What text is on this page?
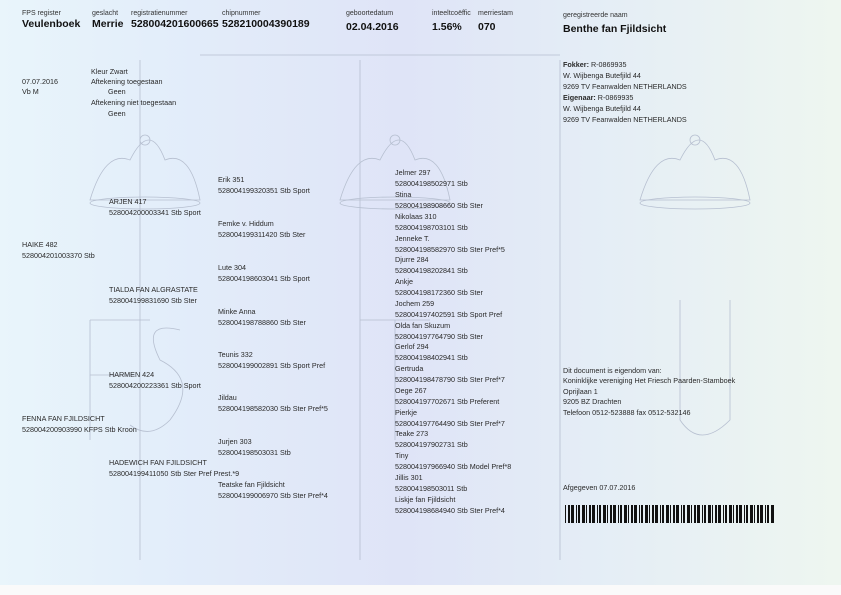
FPS register
Veulenboek
geslacht
Merrie
registratienummer
528004201600665
chipnummer
528210004390189
geboortedatum
02.04.2016
inteeltcoëffic
1.56%
merriestam
070
geregistreerde naam
Benthe fan Fjildsicht
07.07.2016
Vb M
Kleur Zwart
Aftekening toegestaan
Geen
Aftekening niet toegestaan
Geen
Fokker: R-0869935
W. Wijbenga Butefjild 44
9269 TV Feanwalden NETHERLANDS
Eigenaar: R-0869935
W. Wijbenga Butefjild 44
9269 TV Feanwalden NETHERLANDS
HAIKE 482
528004201003370 Stb
FENNA FAN FJILDSICHT
528004200903990 KFPS Stb Kroon
ARJEN 417
528004200003341 Stb Sport
TIALDA FAN ALGRASTATE
528004199831690 Stb Ster
HARMEN 424
528004200223361 Stb Sport
HADEWICH FAN FJILDSICHT
528004199411050 Stb Ster Pref Prest.*9
Erik 351
528004199320351 Stb Sport
Femke v. Hiddum
528004199311420 Stb Ster
Lute 304
528004198603041 Stb Sport
Minke Anna
528004198788860 Stb Ster
Teunis 332
528004199002891 Stb Sport Pref
Jildau
528004198582030 Stb Ster Pref*5
Jurjen 303
528004198503031 Stb
Teatske fan Fjildsicht
528004199006970 Stb Ster Pref*4
Jelmer 297
528004198502971 Stb
Stina
528004198908660 Stb Ster
Nikolaas 310
528004198703101 Stb
Jenneke T.
528004198582970 Stb Ster Pref*5
Djurre 284
528004198202841 Stb
Ankje
528004198172360 Stb Ster
Jochem 259
528004197402591 Stb Sport Pref
Olda fan Skuzum
528004197764790 Stb Ster
Gerlof 294
528004198402941 Stb
Gertruda
528004198478790 Stb Ster Pref*7
Oege 267
528004197702671 Stb Preferent
Pierkje
528004197764490 Stb Ster Pref*7
Teake 273
528004197902731 Stb
Tiny
528004197966940 Stb Model Pref*8
Jillis 301
528004198503011 Stb
Liskje fan Fjildsicht
528004198684940 Stb Ster Pref*4
Dit document is eigendom van:
Koninklijke vereniging Het Friesch Paarden-Stamboek
Oprijlaan 1
9205 BZ Drachten
Telefoon 0512-523888 fax 0512-532146
Afgegeven 07.07.2016
